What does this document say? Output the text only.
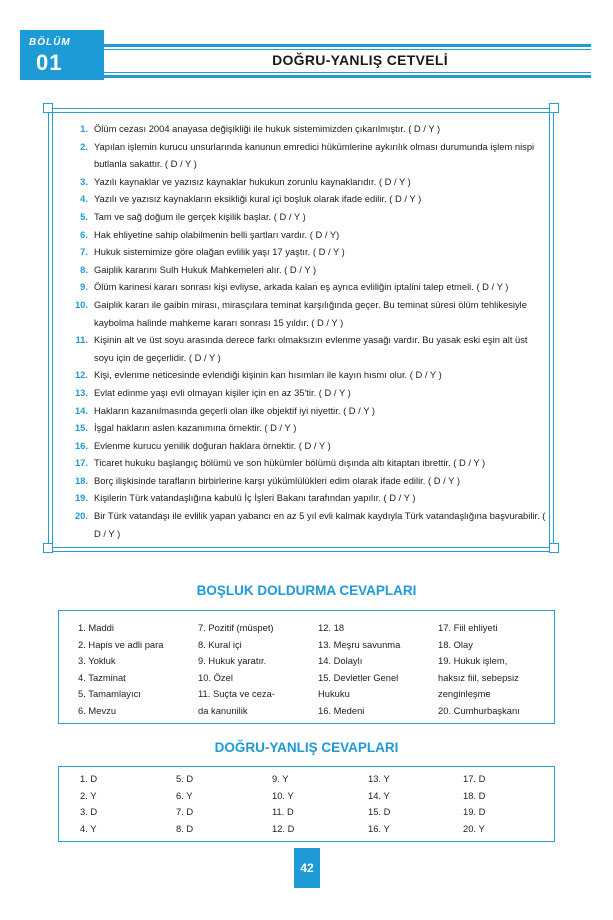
BÖLÜM
01	DOĞRU-YANLIŞ CETVELİ
1. Ölüm cezası 2004 anayasa değişikliği ile hukuk sistemimizden çıkarılmıştır. ( D / Y )
2. Yapılan işlemin kurucu unsurlarında kanunun emredici hükümlerine aykırılık olması durumunda işlem nispi butlanla sakattır. ( D / Y )
3. Yazılı kaynaklar ve yazısız kaynaklar hukukun zorunlu kaynaklarıdır. ( D / Y )
4. Yazılı ve yazısız kaynakların eksikliği kural içi boşluk olarak ifade edilir. ( D / Y )
5. Tam ve sağ doğum ile gerçek kişilik başlar. ( D / Y )
6. Hak ehliyetine sahip olabilmenin belli şartları vardır. ( D / Y)
7. Hukuk sistemimize göre olağan evlilik yaşı 17 yaştır. ( D / Y )
8. Gaiplik kararını Sulh Hukuk Mahkemeleri alır. ( D / Y )
9. Ölüm karinesi kararı sonrası kişi evliyse, arkada kalan eş ayrıca evliliğin iptalini talep etmeli. ( D / Y )
10. Gaiplik kararı ile gaibin mirası, mirasçılara teminat karşılığında geçer. Bu teminat süresi ölüm tehlikesiyle kaybolma halinde mahkeme kararı sonrası 15 yıldır. ( D / Y )
11. Kişinin alt ve üst soyu arasında derece farkı olmaksızın evlenme yasağı vardır. Bu yasak eski eşin alt üst soyu için de geçerlidir. ( D / Y )
12. Kişi, evlenme neticesinde evlendiği kişinin kan hısımları ile kayın hısmı olur. ( D / Y )
13. Evlat edinme yaşı evli olmayan kişiler için en az 35'tir. ( D / Y )
14. Hakların kazanılmasında geçerli olan ilke objektif iyi niyettir. ( D / Y )
15. İşgal hakların aslen kazanımına örnektir. ( D / Y )
16. Evlenme kurucu yenilik doğuran haklara örnektir. ( D / Y )
17. Ticaret hukuku başlangıç bölümü ve son hükümler bölümü dışında altı kitaptan ibrettir. ( D / Y )
18. Borç ilişkisinde tarafların birbirlerine karşı yükümlülükleri edim olarak ifade edilir. ( D / Y )
19. Kişilerin Türk vatandaşlığına kabulü İç İşleri Bakanı tarafından yapılır. ( D / Y )
20. Bir Türk vatandaşı ile evlilik yapan yabancı en az 5 yıl evli kalmak kaydıyla Türk vatandaşlığına başvurabilir. ( D / Y )
BOŞLUK DOLDURMA CEVAPLARI
1. Maddi
2. Hapis ve adli para
3. Yokluk
4. Tazminat
5. Tamamlayıcı
6. Mevzu
7. Pozitif (müspet)
8. Kural içi
9. Hukuk yaratır.
10. Özel
11. Suçta ve ceza-
da kanunilik
12. 18
13. Meşru savunma
14. Dolaylı
15. Devletler Genel
Hukuku
16. Medeni
17. Fiil ehliyeti
18. Olay
19. Hukuk işlem,
haksız fiil, sebepsiz
zenginleşme
20. Cumhurbaşkanı
DOĞRU-YANLIŞ CEVAPLARI
1. D
2. Y
3. D
4. Y
5. D
6. Y
7. D
8. D
9. Y
10. Y
11. D
12. D
13. Y
14. Y
15. D
16. Y
17. D
18. D
19. D
20. Y
42
